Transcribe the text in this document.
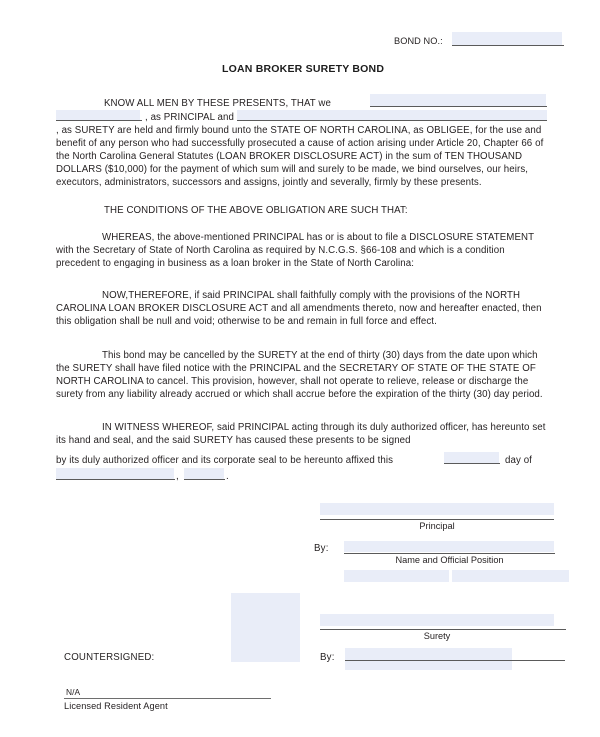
BOND NO.:
LOAN BROKER SURETY BOND
KNOW ALL MEN BY THESE PRESENTS, THAT we
, as PRINCIPAL and
, as SURETY are held and firmly bound unto the STATE OF NORTH CAROLINA, as OBLIGEE, for the use and benefit of any person who had successfully prosecuted a cause of action arising under Article 20, Chapter 66 of the North Carolina General Statutes (LOAN BROKER DISCLOSURE ACT) in the sum of TEN THOUSAND DOLLARS ($10,000) for the payment of which sum will and surely to be made, we bind ourselves, our heirs, executors, administrators, successors and assigns, jointly and severally, firmly by these presents.
THE CONDITIONS OF THE ABOVE OBLIGATION ARE SUCH THAT:
WHEREAS, the above-mentioned PRINCIPAL has or is about to file a DISCLOSURE STATEMENT with the Secretary of State of North Carolina as required by N.C.G.S. §66-108 and which is a condition precedent to engaging in business as a loan broker in the State of North Carolina:
NOW,THEREFORE, if said PRINCIPAL shall faithfully comply with the provisions of the NORTH CAROLINA LOAN BROKER DISCLOSURE ACT and all amendments thereto, now and hereafter enacted, then this obligation shall be null and void; otherwise to be and remain in full force and effect.
This bond may be cancelled by the SURETY at the end of thirty (30) days from the date upon which the SURETY shall have filed notice with the PRINCIPAL and the SECRETARY OF STATE OF THE STATE OF NORTH CAROLINA to cancel. This provision, however, shall not operate to relieve, release or discharge the surety from any liability already accrued or which shall accrue before the expiration of the thirty (30) day period.
IN WITNESS WHEREOF, said PRINCIPAL acting through its duly authorized officer, has hereunto set its hand and seal, and the said SURETY has caused these presents to be signed
by its duly authorized officer and its corporate seal to be hereunto affixed this	day of
,	.
Principal
By:
Name and Official Position
Surety
COUNTERSIGNED:	By:
N/A
Licensed Resident Agent
